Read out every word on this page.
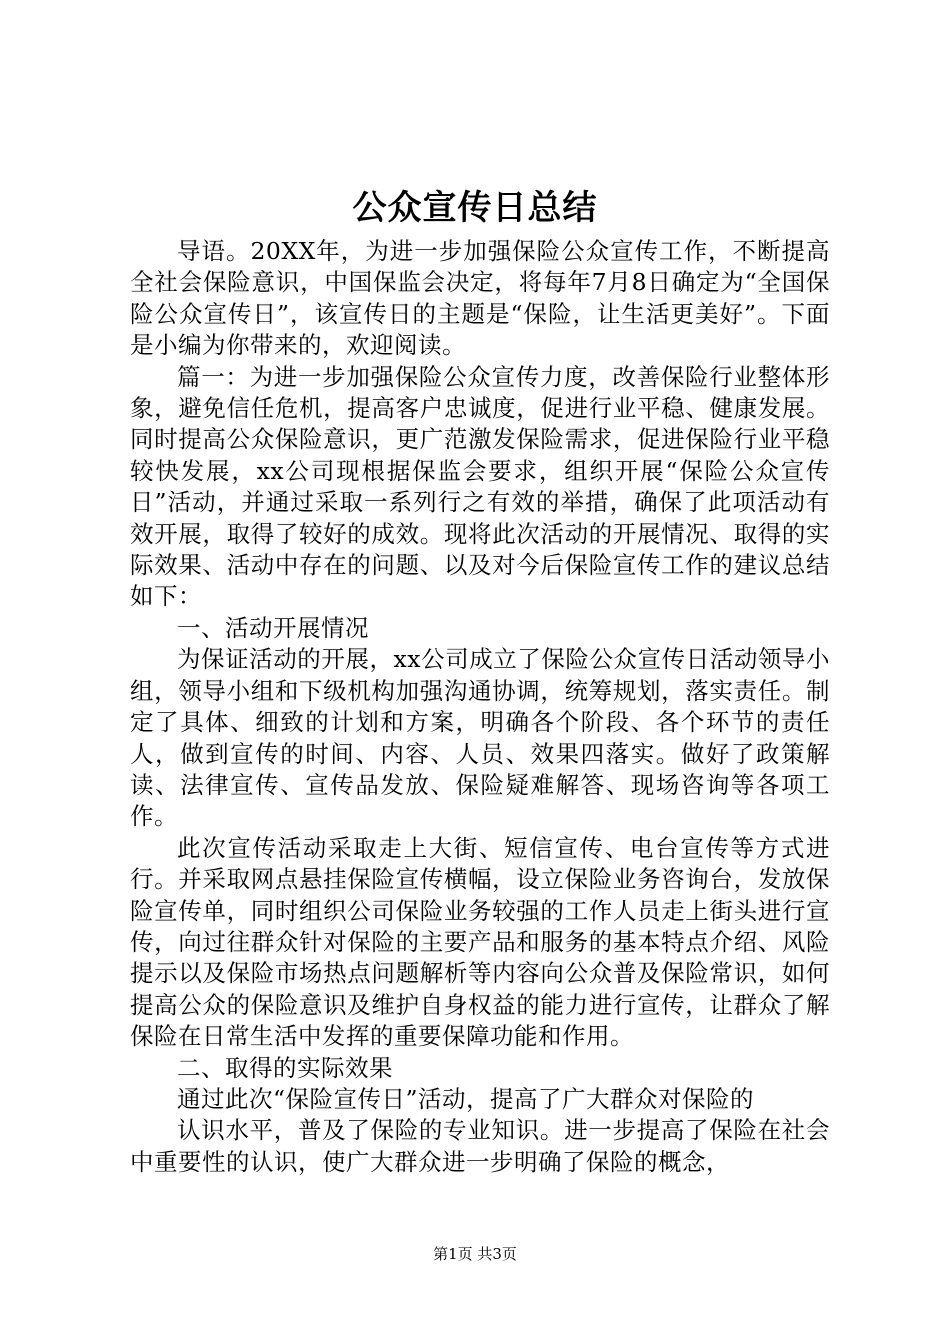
公众宣传日总结

导语。20XX年，为进一步加强保险公众宣传工作，不断提高全社会保险意识，中国保监会决定，将每年7月8日确定为“全国保险公众宣传日”，该宣传日的主题是“保险，让生活更美好”。下面是小编为你带来的，欢迎阅读。

篇一：为进一步加强保险公众宣传力度，改善保险行业整体形象，避免信任危机，提高客户忠诚度，促进行业平稳、健康发展。同时提高公众保险意识，更广范激发保险需求，促进保险行业平稳较快发展，xx公司现根据保监会要求，组织开展“保险公众宣传日”活动，并通过采取一系列行之有效的举措，确保了此项活动有效开展，取得了较好的成效。现将此次活动的开展情况、取得的实际效果、活动中存在的问题、以及对今后保险宣传工作的建议总结如下：

一、活动开展情况

为保证活动的开展，xx公司成立了保险公众宣传日活动领导小组，领导小组和下级机构加强沟通协调，统筹规划，落实责任。制定了具体、细致的计划和方案，明确各个阶段、各个环节的责任人，做到宣传的时间、内容、人员、效果四落实。做好了政策解读、法律宣传、宣传品发放、保险疑难解答、现场咨询等各项工作。

此次宣传活动采取走上大街、短信宣传、电台宣传等方式进行。并采取网点悬挂保险宣传横幅，设立保险业务咨询台，发放保险宣传单，同时组织公司保险业务较强的工作人员走上街头进行宣传，向过往群众针对保险的主要产品和服务的基本特点介绍、风险提示以及保险市场热点问题解析等内容向公众普及保险常识，如何提高公众的保险意识及维护自身权益的能力进行宣传，让群众了解保险在日常生活中发挥的重要保障功能和作用。

二、取得的实际效果

通过此次“保险宣传日”活动，提高了广大群众对保险的

认识水平，普及了保险的专业知识。进一步提高了保险在社会中重要性的认识，使广大群众进一步明确了保险的概念，

第1页 共3页
